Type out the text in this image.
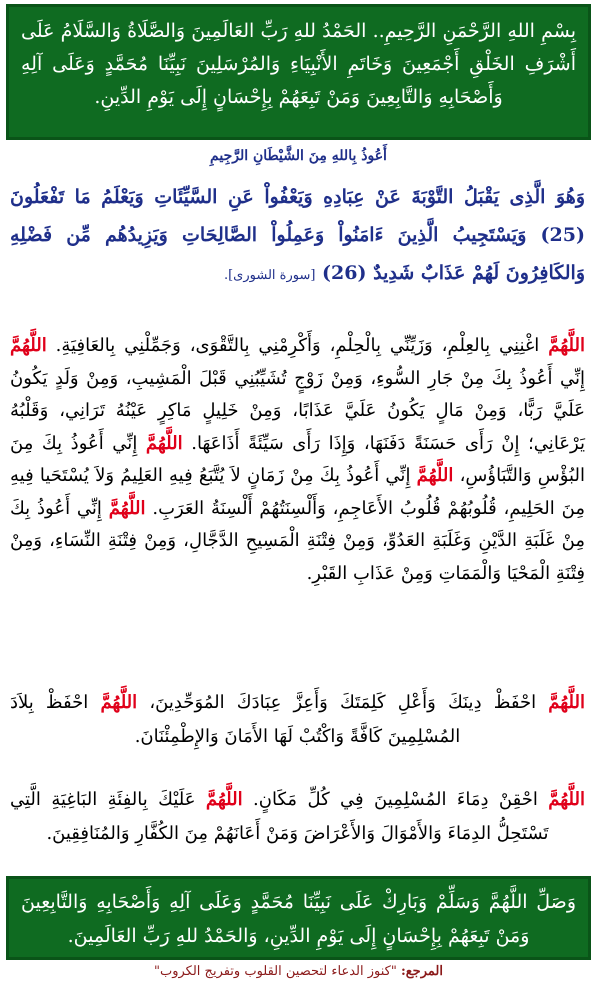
بِسْمِ اللهِ الرَّحْمَنِ الرَّحِيمِ.. الحَمْدُ للهِ رَبِّ العَالَمِينَ وَالصَّلَاةُ وَالسَّلَامُ عَلَى أَشْرَفِ الخَلْقِ أَجْمَعِينَ وَخَاتَمِ الأَنْبِيَاءِ وَالمُرْسَلِينَ نَبِيِّنَا مُحَمَّدٍ وَعَلَى آلِهِ وَأَصْحَابِهِ وَالتَّابِعِينَ وَمَنْ تَبِعَهُمْ بِإِحْسَانٍ إِلَى يَوْمِ الدِّينِ.
أَعُوذُ بِاللهِ مِنَ الشَّيْطَانِ الرَّجِيمِ
وَهُوَ الَّذِى يَقْبَلُ التَّوْبَةَ عَنْ عِبَادِهِ وَيَعْفُواْ عَنِ السَّيِّئَاتِ وَيَعْلَمُ مَا تَفْعَلُونَ (25) وَيَسْتَجِيبُ الَّذِينَ ءَامَنُواْ وَعَمِلُواْ الصَّالِحَاتِ وَيَزِيدُهُم مِّن فَضْلِهِ وَالكَافِرُونَ لَهُمْ عَذَابٌ شَدِيدٌ (26) [سورة الشورى].
اللَّهُمَّ اغْنِنِي بِالعِلْمِ، وَزَيِّنِّي بِالْحِلْمِ، وَأَكْرِمْنِي بِالتَّقْوَى، وَجَمِّلْنِي بِالعَافِيَةِ. اللَّهُمَّ إِنِّي أَعُوذُ بِكَ مِنْ جَارِ السُّوءِ، وَمِنْ زَوْجٍ تُشَيِّبُنِي قَبْلَ الْمَشِيبِ، وَمِنْ وَلَدٍ يَكُونُ عَلَيَّ رَبًّا، وَمِنْ مَالٍ يَكُونُ عَلَيَّ عَذَابًا، وَمِنْ خَلِيلٍ مَاكِرٍ عَيْنُهُ تَرَانِي، وَقَلْبُهُ يَرْعَانِي؛ إِنْ رَأَى حَسَنَةً دَفَنَهَا، وَإِذَا رَأَى سَيِّئَةً أَذَاعَهَا. اللَّهُمَّ إِنِّي أَعُوذُ بِكَ مِنَ البُؤْسِ وَالتَّبَاؤُسِ، اللَّهُمَّ إِنِّي أَعُوذُ بِكَ مِنْ زَمَانٍ لاَ يُتَّبَعُ فِيهِ العَلِيمُ وَلاَ يُسْتَحَيا فِيهِ مِنَ الحَلِيمِ، قُلُوبُهُمْ قُلُوبُ الأَعَاجِمِ، وَأَلْسِنَتُهُمْ أَلْسِنَةُ العَرَبِ. اللَّهُمَّ إِنِّي أَعُوذُ بِكَ مِنْ غَلَبَةِ الدَّيْنِ وَغَلَبَةِ العَدُوِّ، وَمِنْ فِتْنَةِ الْمَسِيحِ الدَّجَّالِ، وَمِنْ فِتْنَةِ النِّسَاءِ، وَمِنْ فِتْنَةِ الْمَحْيَا وَالْمَمَاتِ وَمِنْ عَذَابِ القَبْرِ.
اللَّهُمَّ احْفَظْ دِينَكَ وَأَعْلِ كَلِمَتَكَ وَأَعِزَّ عِبَادَكَ المُوَحِّدِينَ، اللَّهُمَّ احْفَظْ بِلاَدَ المُسْلِمِينَ كَافَّةً وَاكْتُبْ لَهَا الأَمَانَ وَالإِطْمِئْنَانَ.
اللَّهُمَّ احْقِنْ دِمَاءَ المُسْلِمِينَ فِي كُلِّ مَكَانٍ. اللَّهُمَّ عَلَيْكَ بِالفِئَةِ البَاغِيَةِ الَّتِي تَسْتَحِلُّ الدِمَاءَ وَالأَمْوَالَ وَالأَعْرَاضَ وَمَنْ أَعَانَهُمْ مِنَ الكُفَّارِ وَالمُنَافِقِينَ.
وَصَلِّ اللَّهُمَّ وَسَلِّمْ وَبَارِكْ عَلَى نَبِيِّنَا مُحَمَّدٍ وَعَلَى آلِهِ وَأَصْحَابِهِ وَالتَّابِعِينَ وَمَنْ تَبِعَهُمْ بِإِحْسَانٍ إِلَى يَوْمِ الدِّينِ، وَالحَمْدُ للهِ رَبِّ العَالَمِينَ.
المرجع: "كنوز الدعاء لتحصين القلوب وتفريج الكروب"
